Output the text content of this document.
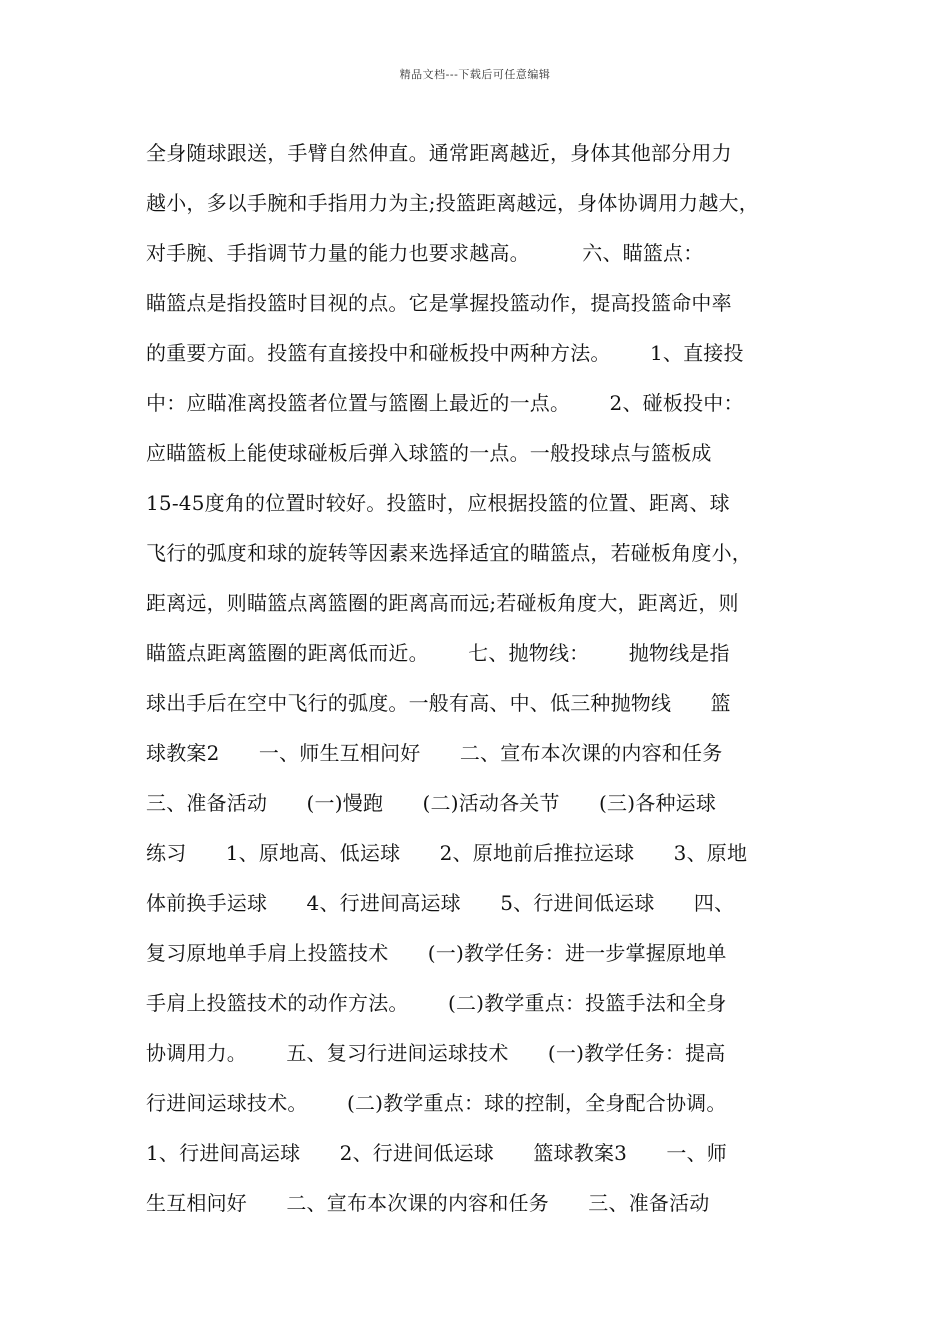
精品文档---下载后可任意编辑
全身随球跟送，手臂自然伸直。通常距离越近，身体其他部分用力
越小，多以手腕和手指用力为主;投篮距离越远，身体协调用力越大，
对手腕、手指调节力量的能力也要求越高。        六、瞄篮点：
瞄篮点是指投篮时目视的点。它是掌握投篮动作，提高投篮命中率
的重要方面。投篮有直接投中和碰板投中两种方法。      1、直接投
中：应瞄准离投篮者位置与篮圈上最近的一点。      2、碰板投中：
应瞄篮板上能使球碰板后弹入球篮的一点。一般投球点与篮板成
15-45度角的位置时较好。投篮时，应根据投篮的位置、距离、球
飞行的弧度和球的旋转等因素来选择适宜的瞄篮点，若碰板角度小，
距离远，则瞄篮点离篮圈的距离高而远;若碰板角度大，距离近，则
瞄篮点距离篮圈的距离低而近。      七、抛物线：      抛物线是指
球出手后在空中飞行的弧度。一般有高、中、低三种抛物线      篮
球教案2      一、师生互相问好      二、宣布本次课的内容和任务
三、准备活动      (一)慢跑      (二)活动各关节      (三)各种运球
练习      1、原地高、低运球      2、原地前后推拉运球      3、原地
体前换手运球      4、行进间高运球      5、行进间低运球      四、
复习原地单手肩上投篮技术      (一)教学任务：进一步掌握原地单
手肩上投篮技术的动作方法。      (二)教学重点：投篮手法和全身
协调用力。      五、复习行进间运球技术      (一)教学任务：提高
行进间运球技术。      (二)教学重点：球的控制，全身配合协调。
1、行进间高运球      2、行进间低运球      篮球教案3      一、师
生互相问好      二、宣布本次课的内容和任务      三、准备活动
